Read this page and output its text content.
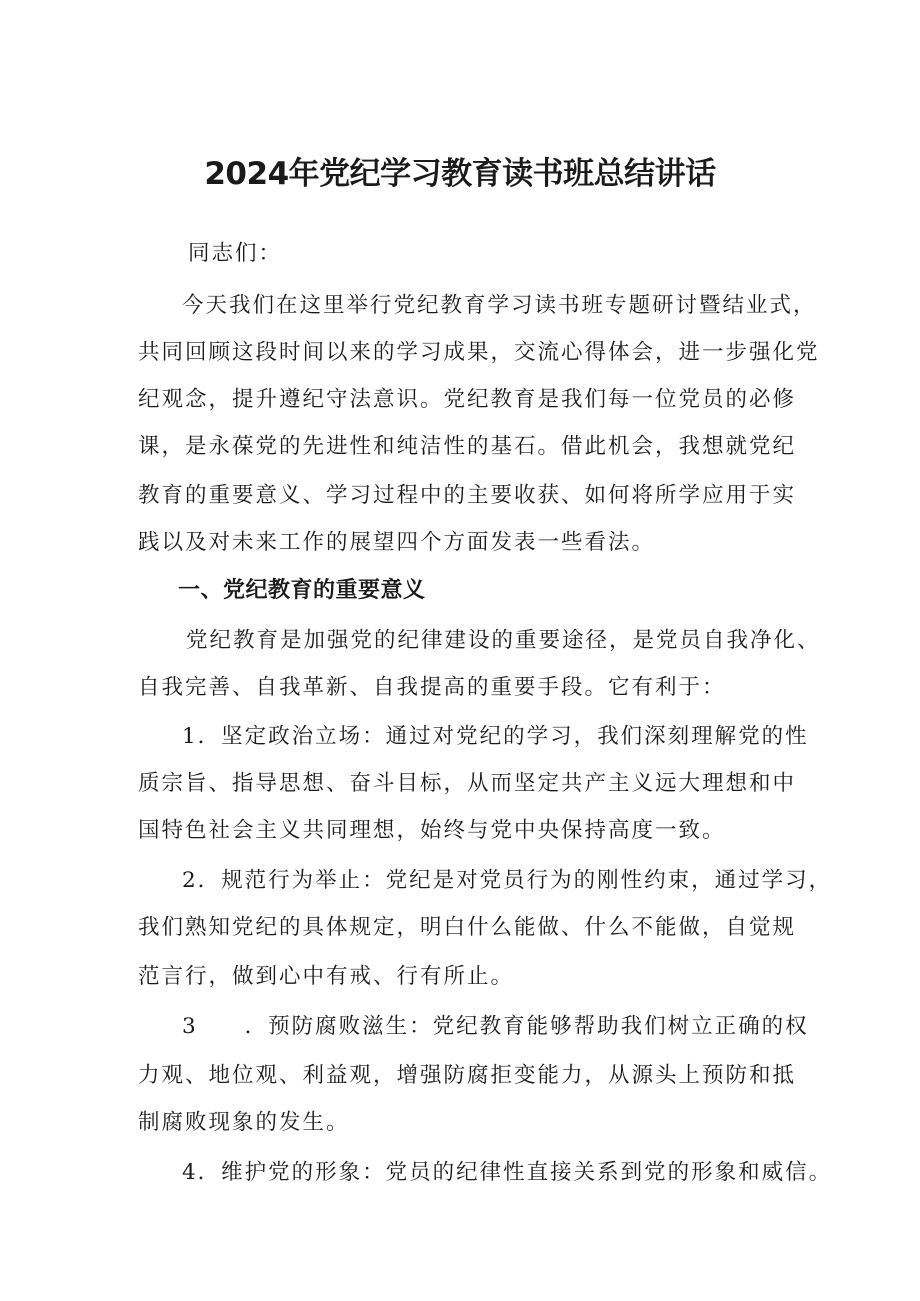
2024年党纪学习教育读书班总结讲话

同志们：

今天我们在这里举行党纪教育学习读书班专题研讨暨结业式，

共同回顾这段时间以来的学习成果，交流心得体会，进一步强化党

纪观念，提升遵纪守法意识。党纪教育是我们每一位党员的必修

课，是永葆党的先进性和纯洁性的基石。借此机会，我想就党纪

教育的重要意义、学习过程中的主要收获、如何将所学应用于实

践以及对未来工作的展望四个方面发表一些看法。

一、党纪教育的重要意义

党纪教育是加强党的纪律建设的重要途径，是党员自我净化、

自我完善、自我革新、自我提高的重要手段。它有利于：

1．坚定政治立场：通过对党纪的学习，我们深刻理解党的性

质宗旨、指导思想、奋斗目标，从而坚定共产主义远大理想和中

国特色社会主义共同理想，始终与党中央保持高度一致。

2．规范行为举止：党纪是对党员行为的刚性约束，通过学习，

我们熟知党纪的具体规定，明白什么能做、什么不能做，自觉规

范言行，做到心中有戒、行有所止。

3　　．预防腐败滋生：党纪教育能够帮助我们树立正确的权

力观、地位观、利益观，增强防腐拒变能力，从源头上预防和抵

制腐败现象的发生。

4．维护党的形象：党员的纪律性直接关系到党的形象和威信。
